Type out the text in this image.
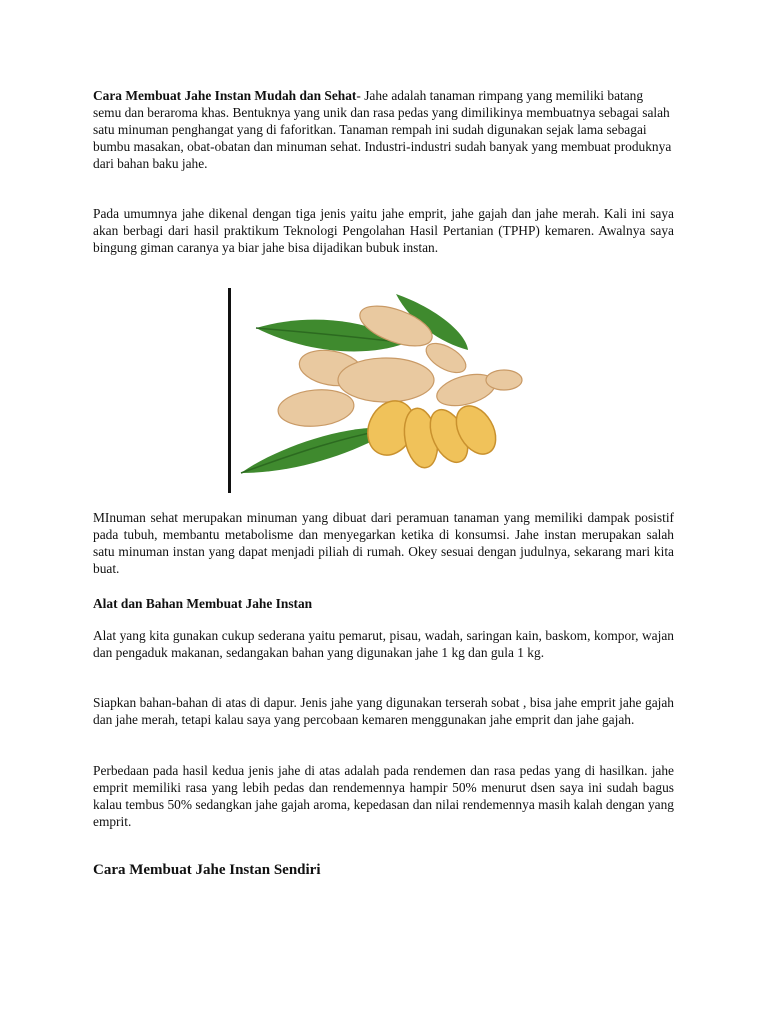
Cara Membuat Jahe Instan Mudah dan Sehat- Jahe adalah tanaman rimpang yang memiliki batang semu dan beraroma khas. Bentuknya yang unik dan rasa pedas yang dimilikinya membuatnya sebagai salah satu minuman penghangat yang di faforitkan. Tanaman rempah ini sudah digunakan sejak lama sebagai bumbu masakan, obat-obatan dan minuman sehat. Industri-industri sudah banyak yang membuat produknya dari bahan baku jahe.

Pada umumnya jahe dikenal dengan tiga jenis yaitu jahe emprit, jahe gajah dan jahe merah. Kali ini saya akan berbagi dari hasil praktikum Teknologi Pengolahan Hasil Pertanian (TPHP) kemaren. Awalnya saya bingung giman caranya ya biar jahe bisa dijadikan bubuk instan.

MInuman sehat merupakan minuman yang dibuat dari peramuan tanaman yang memiliki dampak posistif pada tubuh, membantu metabolisme dan menyegarkan ketika di konsumsi. Jahe instan merupakan salah satu minuman instan yang dapat menjadi piliah di rumah. Okey sesuai dengan judulnya, sekarang mari kita buat.

Alat dan Bahan Membuat Jahe Instan

Alat yang kita gunakan cukup sederana yaitu pemarut, pisau, wadah, saringan kain, baskom, kompor, wajan dan pengaduk makanan, sedangakan bahan yang digunakan jahe 1 kg dan gula 1 kg.

Siapkan bahan-bahan di atas di dapur. Jenis jahe yang digunakan terserah sobat , bisa jahe emprit jahe gajah dan jahe merah, tetapi kalau saya yang percobaan kemaren menggunakan jahe emprit dan jahe gajah.

Perbedaan pada hasil kedua jenis jahe di atas adalah pada rendemen dan rasa pedas yang di hasilkan. jahe emprit memiliki rasa yang lebih pedas dan rendemennya hampir 50% menurut dsen saya ini sudah bagus kalau tembus 50% sedangkan jahe gajah aroma, kepedasan dan nilai rendemennya masih kalah dengan yang emprit.

Cara Membuat Jahe Instan Sendiri
